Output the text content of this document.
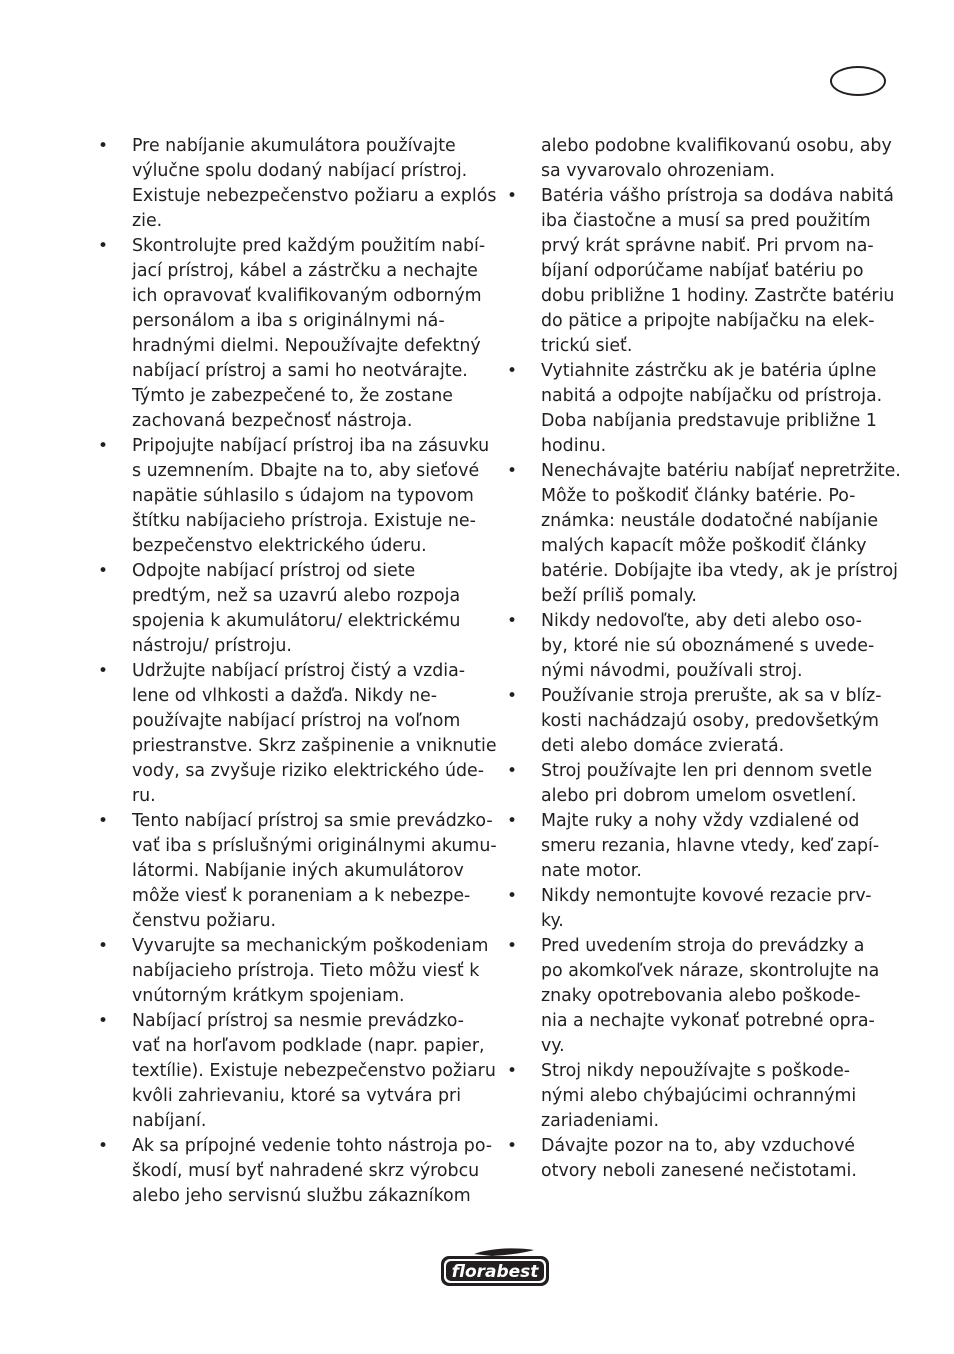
• Pre nabíjanie akumulátora používajte
výlučne spolu dodaný nabíjací prístroj.
Existuje nebezpečenstvo požiaru a explóѕ
zie.
• Skontrolujte pred každým použitím nabí-
jací prístroj, kábel a zástrčku a nechajte
ich opravovať kvalifikovaným odborným
personálom a iba s originálnymi ná-
hradnými dielmi. Nepoužívajte defektný
nabíjací prístroj a sami ho neotvárajte.
Týmto je zabezpečené to, že zostane
zachovaná bezpečnosť nástroja.
• Pripojujte nabíjací prístroj iba na zásuvku
s uzemnením. Dbajte na to, aby sieťové
napätie súhlasilo s údajom na typovom
štítku nabíjacieho prístroja. Existuje ne-
bezpečenstvo elektrického úderu.
• Odpojte nabíjací prístroj od siete
predtým, než sa uzavrú alebo rozpoja
spojenia k akumulátoru/ elektrickému
nástroju/ prístroju.
• Udržujte nabíjací prístroj čistý a vzdia-
lene od vlhkosti a dažďa. Nikdy ne-
používajte nabíjací prístroj na voľnom
priestranstve. Skrz zašpinenie a vniknutie
vody, sa zvyšuje riziko elektrického úde-
ru.
• Tento nabíjací prístroj sa smie prevádzko-
vať iba s príslušnými originálnymi akumu-
látormi. Nabíjanie iných akumulátorov
môže viesť k poraneniam a k nebezpe-
čenstvu požiaru.
• Vyvarujte sa mechanickým poškodeniam
nabíjacieho prístroja. Tieto môžu viesť k
vnútorným krátkym spojeniam.
• Nabíjací prístroj sa nesmie prevádzko-
vať na horľavom podklade (napr. papier,
textílie). Existuje nebezpečenstvo požiaru
kvôli zahrievaniu, ktoré sa vytvára pri
nabíjaní.
• Ak sa prípojné vedenie tohto nástroja po-
škodí, musí byť nahradené skrz výrobcu
alebo jeho servisnú službu zákazníkom
alebo podobne kvalifikovanú osobu, aby
sa vyvarovalo ohrozeniam.
• Batéria vášho prístroja sa dodáva nabitá
iba čiastočne a musí sa pred použitím
prvý krát správne nabiť. Pri prvom na-
bíjaní odporúčame nabíjať batériu po
dobu približne 1 hodiny. Zastrčte batériu
do pätice a pripojte nabíjačku na elek-
trickú sieť.
• Vytiahnite zástrčku ak je batéria úplne
nabitá a odpojte nabíjačku od prístroja.
Doba nabíjania predstavuje približne 1
hodinu.
• Nenechávajte batériu nabíjať nepretržite.
Môže to poškodiť články batérie. Po-
známka: neustále dodatočné nabíjanie
malých kapacít môže poškodiť články
batérie. Dobíjajte iba vtedy, ak je prístroj
beží príliš pomaly.
• Nikdy nedovoľte, aby deti alebo oso-
by, ktoré nie sú oboznámené s uvede-
nými návodmi, používali stroj.
• Používanie stroja prerušte, ak sa v blíz-
kosti nachádzajú osoby, predovšetkým
deti alebo domáce zvieratá.
• Stroj používajte len pri dennom svetle
alebo pri dobrom umelom osvetlení.
• Majte ruky a nohy vždy vzdialené od
smeru rezania, hlavne vtedy, keď zapí-
nate motor.
• Nikdy nemontujte kovové rezacie prv-
ky.
• Pred uvedením stroja do prevádzky a
po akomkoľvek náraze, skontrolujte na
znaky opotrebovania alebo poškode-
nia a nechajte vykonať potrebné opra-
vy.
• Stroj nikdy nepoužívajte s poškode-
nými alebo chýbajúcimi ochrannými
zariadeniami.
• Dávajte pozor na to, aby vzduchové
otvory neboli zanesené nečistotami.
florabest
